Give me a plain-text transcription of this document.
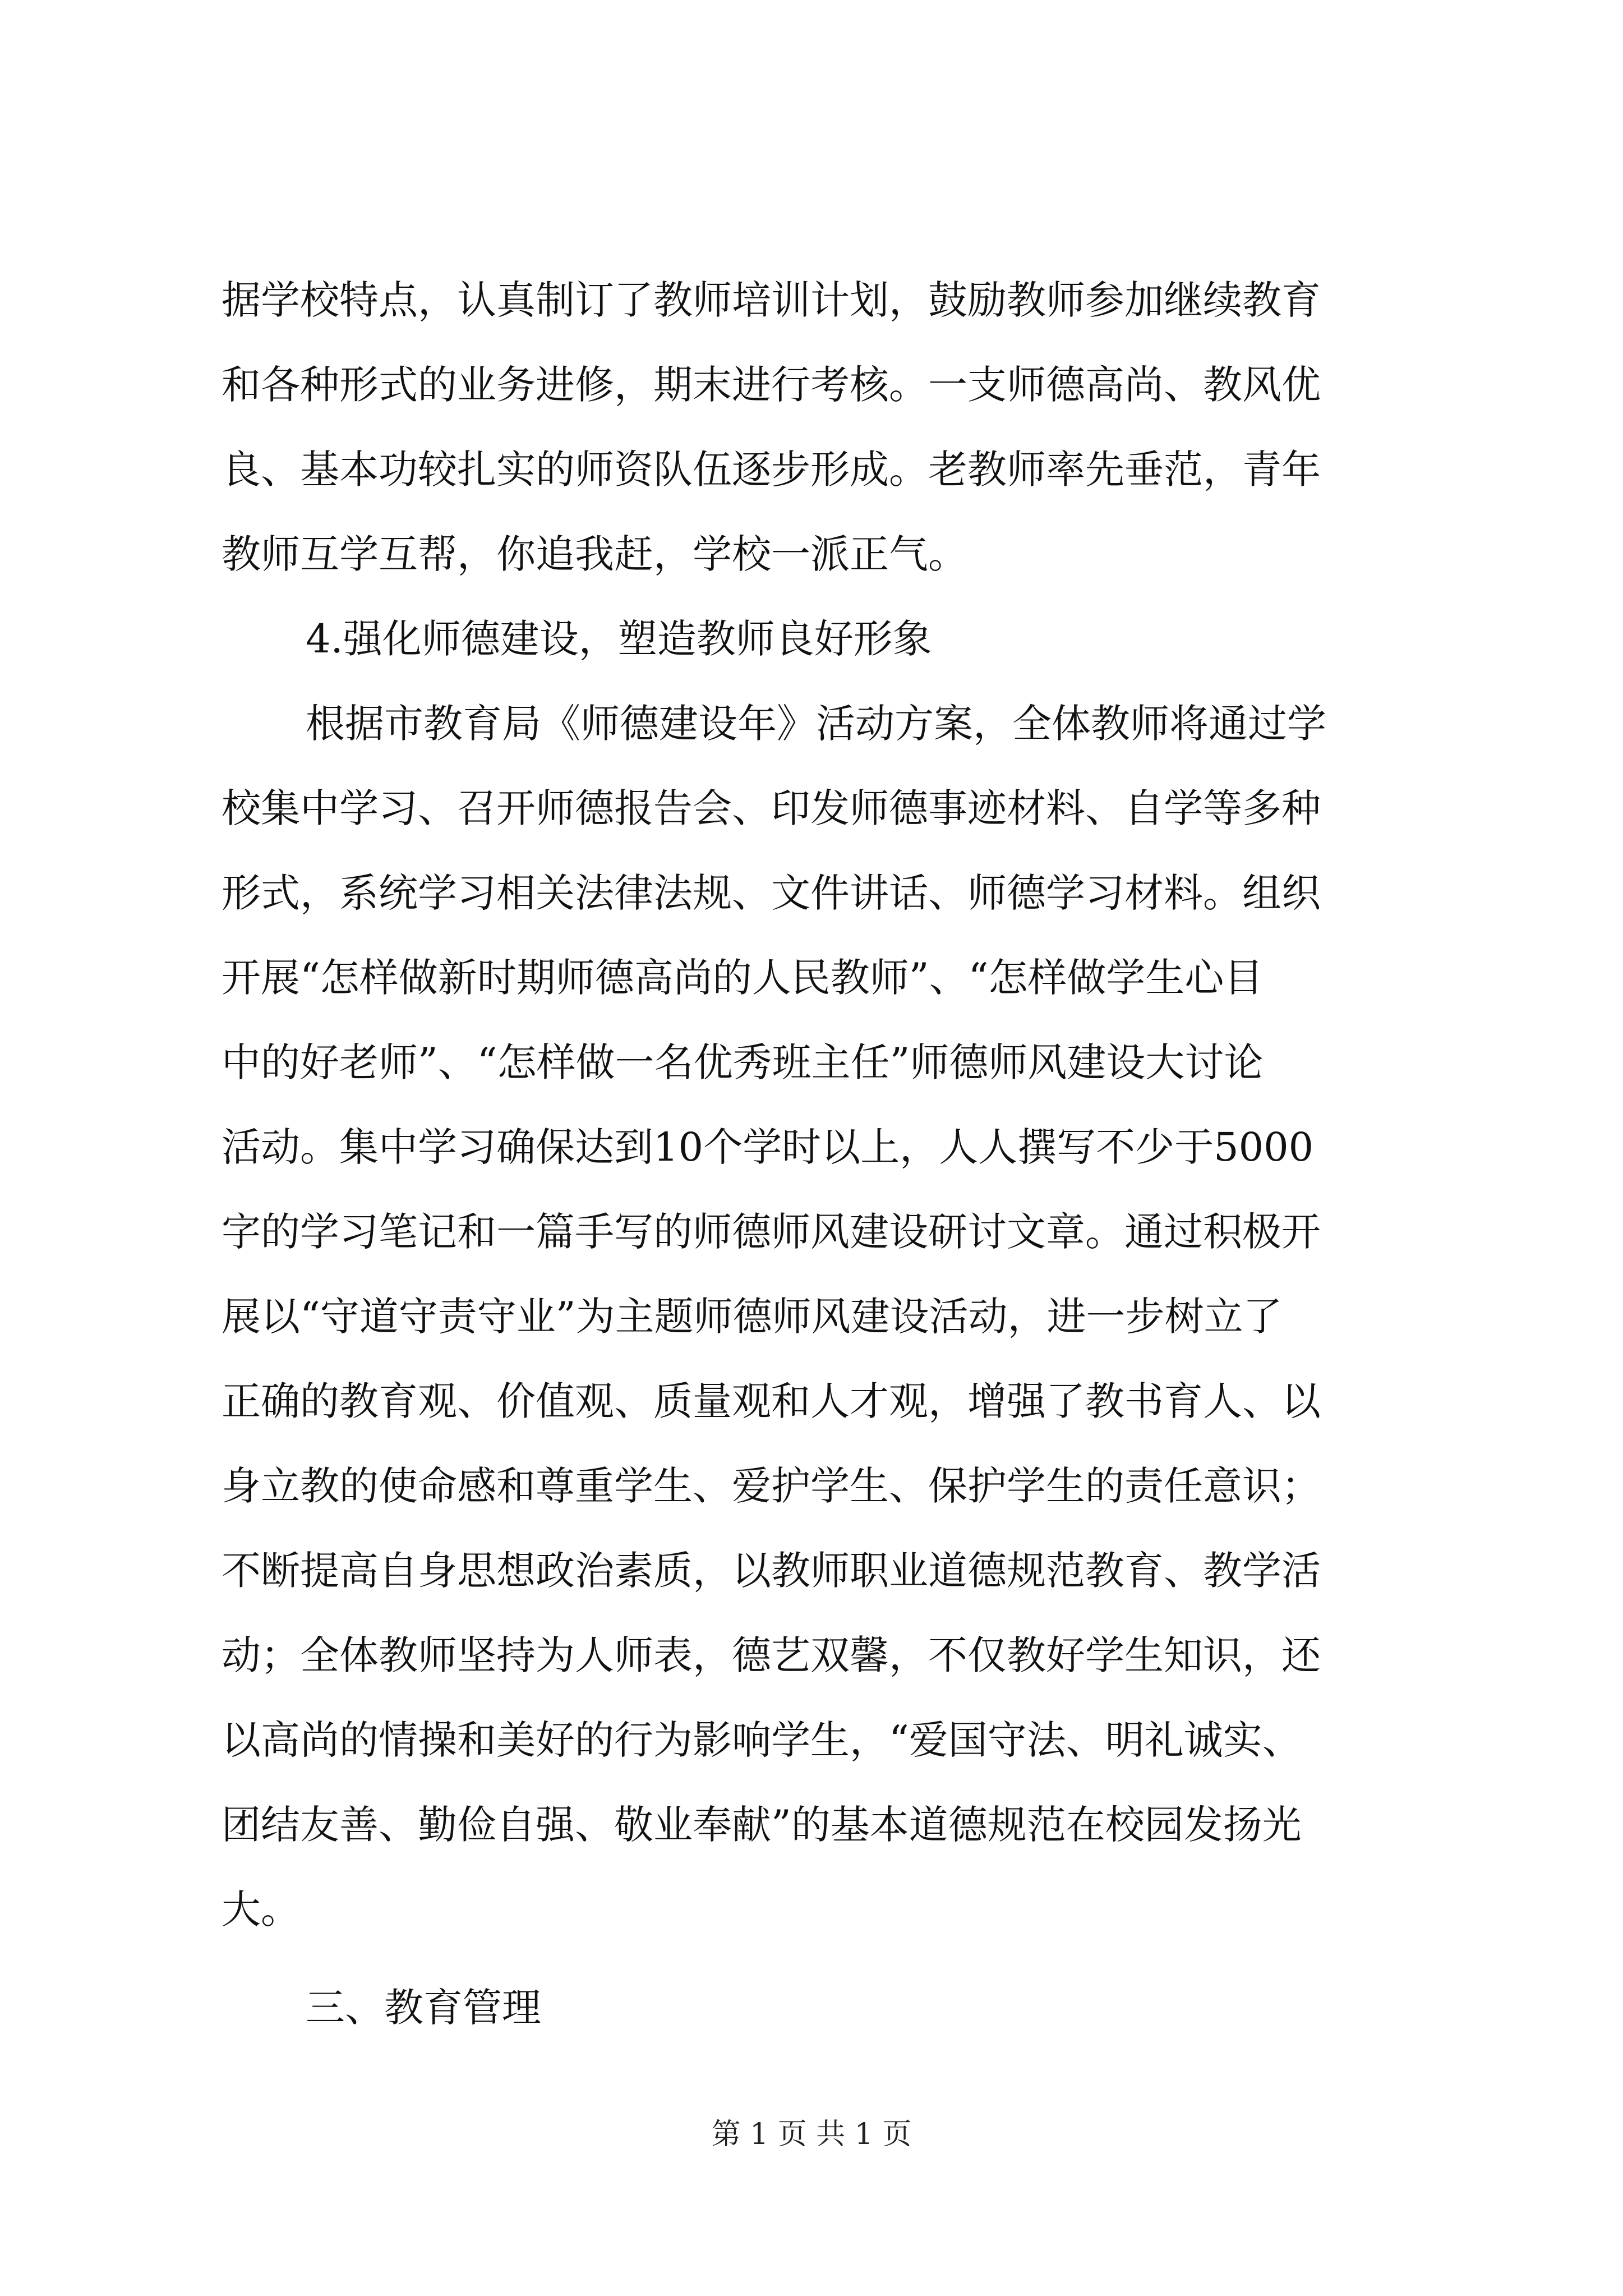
据学校特点，认真制订了教师培训计划，鼓励教师参加继续教育
和各种形式的业务进修，期末进行考核。一支师德高尚、教风优
良、基本功较扎实的师资队伍逐步形成。老教师率先垂范，青年
教师互学互帮，你追我赶，学校一派正气。
4.强化师德建设，塑造教师良好形象
根据市教育局《师德建设年》活动方案，全体教师将通过学
校集中学习、召开师德报告会、印发师德事迹材料、自学等多种
形式，系统学习相关法律法规、文件讲话、师德学习材料。组织
开展“怎样做新时期师德高尚的人民教师”、“怎样做学生心目
中的好老师”、“怎样做一名优秀班主任”师德师风建设大讨论
活动。集中学习确保达到10个学时以上，人人撰写不少于5000
字的学习笔记和一篇手写的师德师风建设研讨文章。通过积极开
展以“守道守责守业”为主题师德师风建设活动，进一步树立了
正确的教育观、价值观、质量观和人才观，增强了教书育人、以
身立教的使命感和尊重学生、爱护学生、保护学生的责任意识；
不断提高自身思想政治素质，以教师职业道德规范教育、教学活
动；全体教师坚持为人师表，德艺双馨，不仅教好学生知识，还
以高尚的情操和美好的行为影响学生，“爱国守法、明礼诚实、
团结友善、勤俭自强、敬业奉献”的基本道德规范在校园发扬光
大。
三、教育管理
第 1 页 共 1 页
